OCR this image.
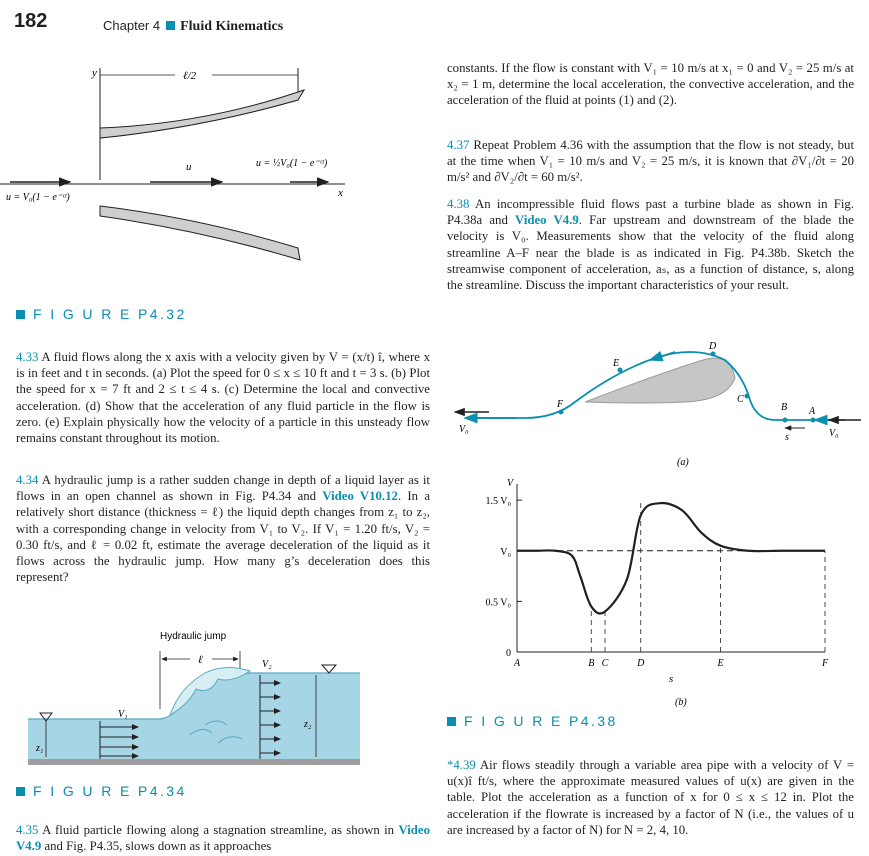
182	Chapter 4 Fluid Kinematics
y	ℓ/2
x
u	u = ½V₀(1 − e⁻ᶜᵗ)
u = V₀(1 − e⁻ᶜᵗ)
F I G U R E P4.32

4.33 A fluid flows along the x axis with a velocity given by V = (x/t) î, where x is in feet and t in seconds. (a) Plot the speed for 0 ≤ x ≤ 10 ft and t = 3 s. (b) Plot the speed for x = 7 ft and 2 ≤ t ≤ 4 s. (c) Determine the local and convective acceleration. (d) Show that the acceleration of any fluid particle in the flow is zero. (e) Explain physically how the velocity of a particle in this unsteady flow remains constant throughout its motion.

4.34 A hydraulic jump is a rather sudden change in depth of a liquid layer as it flows in an open channel as shown in Fig. P4.34 and Video V10.12. In a relatively short distance (thickness = ℓ) the liquid depth changes from z₁ to z₂, with a corresponding change in velocity from V₁ to V₂. If V₁ = 1.20 ft/s, V₂ = 0.30 ft/s, and ℓ = 0.02 ft, estimate the average deceleration of the liquid as it flows across the hydraulic jump. How many g’s deceleration does this represent?

Hydraulic jump
ℓ
V₁
V₂
z₁
z₂
F I G U R E P4.34

4.35 A fluid particle flowing along a stagnation streamline, as shown in Video V4.9 and Fig. P4.35, slows down as it approaches

constants. If the flow is constant with V₁ = 10 m/s at x₁ = 0 and V₂ = 25 m/s at x₂ = 1 m, determine the local acceleration, the convective acceleration, and the acceleration of the fluid at points (1) and (2).

4.37 Repeat Problem 4.36 with the assumption that the flow is not steady, but at the time when V₁ = 10 m/s and V₂ = 25 m/s, it is known that ∂V₁/∂t = 20 m/s² and ∂V₂/∂t = 60 m/s².

4.38 An incompressible fluid flows past a turbine blade as shown in Fig. P4.38a and Video V4.9. Far upstream and downstream of the blade the velocity is V₀. Measurements show that the velocity of the fluid along streamline A–F near the blade is as indicated in Fig. P4.38b. Sketch the streamwise component of acceleration, aₛ, as a function of distance, s, along the streamline. Discuss the important characteristics of your result.

A
B
C
D
E
F
V₀	V₀
s
(a)
V
0
0.5 V₀
V₀
1.5 V₀
A	B C	D	E	F
s
(b)
F I G U R E P4.38

*4.39 Air flows steadily through a variable area pipe with a velocity of V = u(x)î ft/s, where the approximate measured values of u(x) are given in the table. Plot the acceleration as a function of x for 0 ≤ x ≤ 12 in. Plot the acceleration if the flowrate is increased by a factor of N (i.e., the values of u are increased by a factor of N) for N = 2, 4, 10.
